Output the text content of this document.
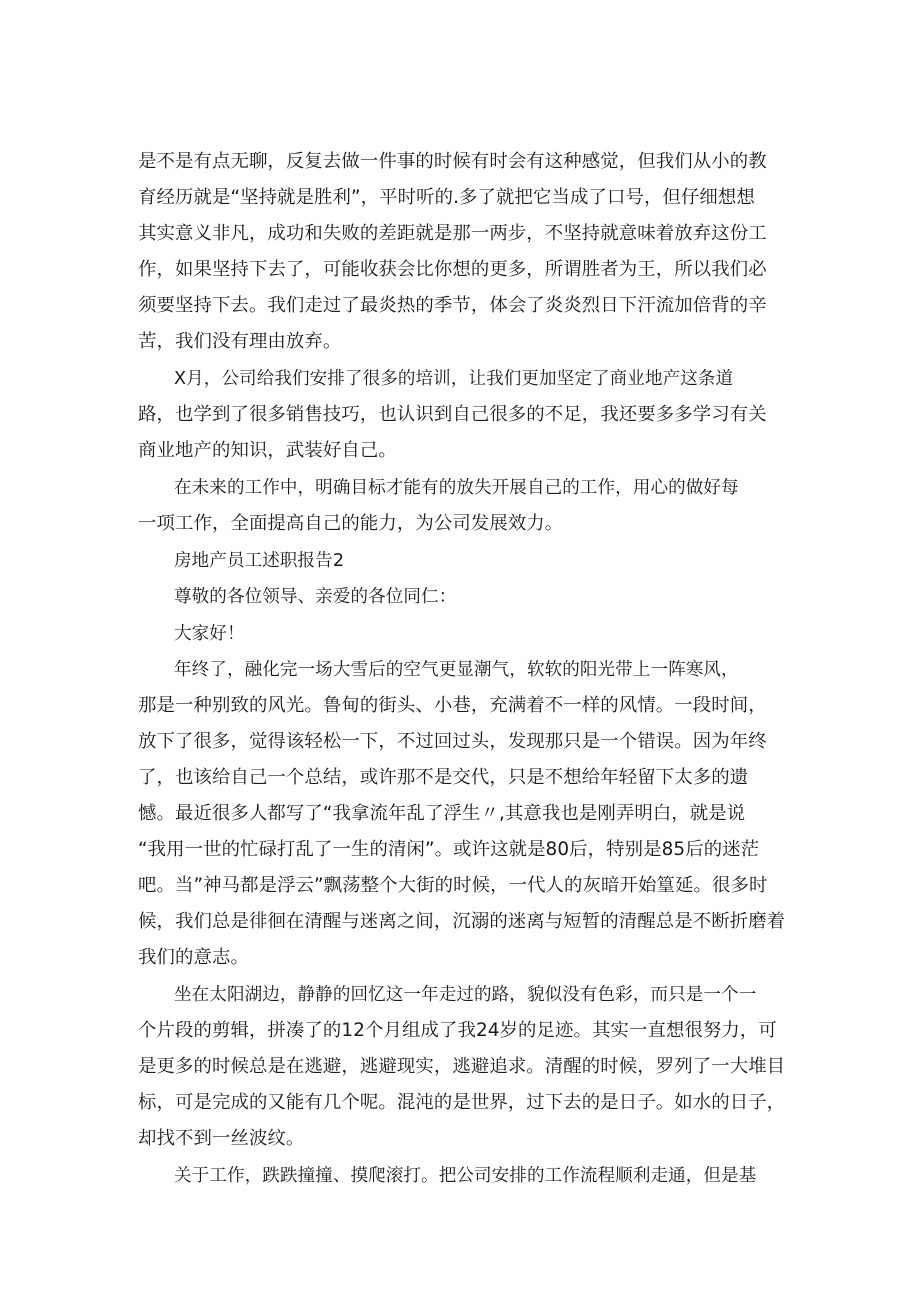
是不是有点无聊，反复去做一件事的时候有时会有这种感觉，但我们从小的教
育经历就是“坚持就是胜利”，平时听的.多了就把它当成了口号，但仔细想想
其实意义非凡，成功和失败的差距就是那一两步，不坚持就意味着放弃这份工
作，如果坚持下去了，可能收获会比你想的更多，所谓胜者为王，所以我们必
须要坚持下去。我们走过了最炎热的季节，体会了炎炎烈日下汗流加倍背的辛
苦，我们没有理由放弃。
X月，公司给我们安排了很多的培训，让我们更加坚定了商业地产这条道
路，也学到了很多销售技巧，也认识到自己很多的不足，我还要多多学习有关
商业地产的知识，武装好自己。
在未来的工作中，明确目标才能有的放失开展自己的工作，用心的做好每
一项工作，全面提高自己的能力，为公司发展效力。
房地产员工述职报告2
尊敬的各位领导、亲爱的各位同仁：
大家好！
年终了，融化完一场大雪后的空气更显潮气，软软的阳光带上一阵寒风，
那是一种别致的风光。鲁甸的街头、小巷，充满着不一样的风情。一段时间，
放下了很多，觉得该轻松一下，不过回过头，发现那只是一个错误。因为年终
了，也该给自己一个总结，或许那不是交代，只是不想给年轻留下太多的遗
憾。最近很多人都写了“我拿流年乱了浮生〃,其意我也是刚弄明白，就是说
“我用一世的忙碌打乱了一生的清闲”。或许这就是80后，特别是85后的迷茫
吧。当”神马都是浮云”飘荡整个大街的时候，一代人的灰暗开始篁延。很多时
候，我们总是徘徊在清醒与迷离之间，沉溺的迷离与短暂的清醒总是不断折磨着
我们的意志。
坐在太阳湖边，静静的回忆这一年走过的路，貌似没有色彩，而只是一个一
个片段的剪辑，拼凑了的12个月组成了我24岁的足迹。其实一直想很努力，可
是更多的时候总是在逃避，逃避现实，逃避追求。清醒的时候，罗列了一大堆目
标，可是完成的又能有几个呢。混沌的是世界，过下去的是日子。如水的日子，
却找不到一丝波纹。
关于工作，跌跌撞撞、摸爬滚打。把公司安排的工作流程顺利走通，但是基
